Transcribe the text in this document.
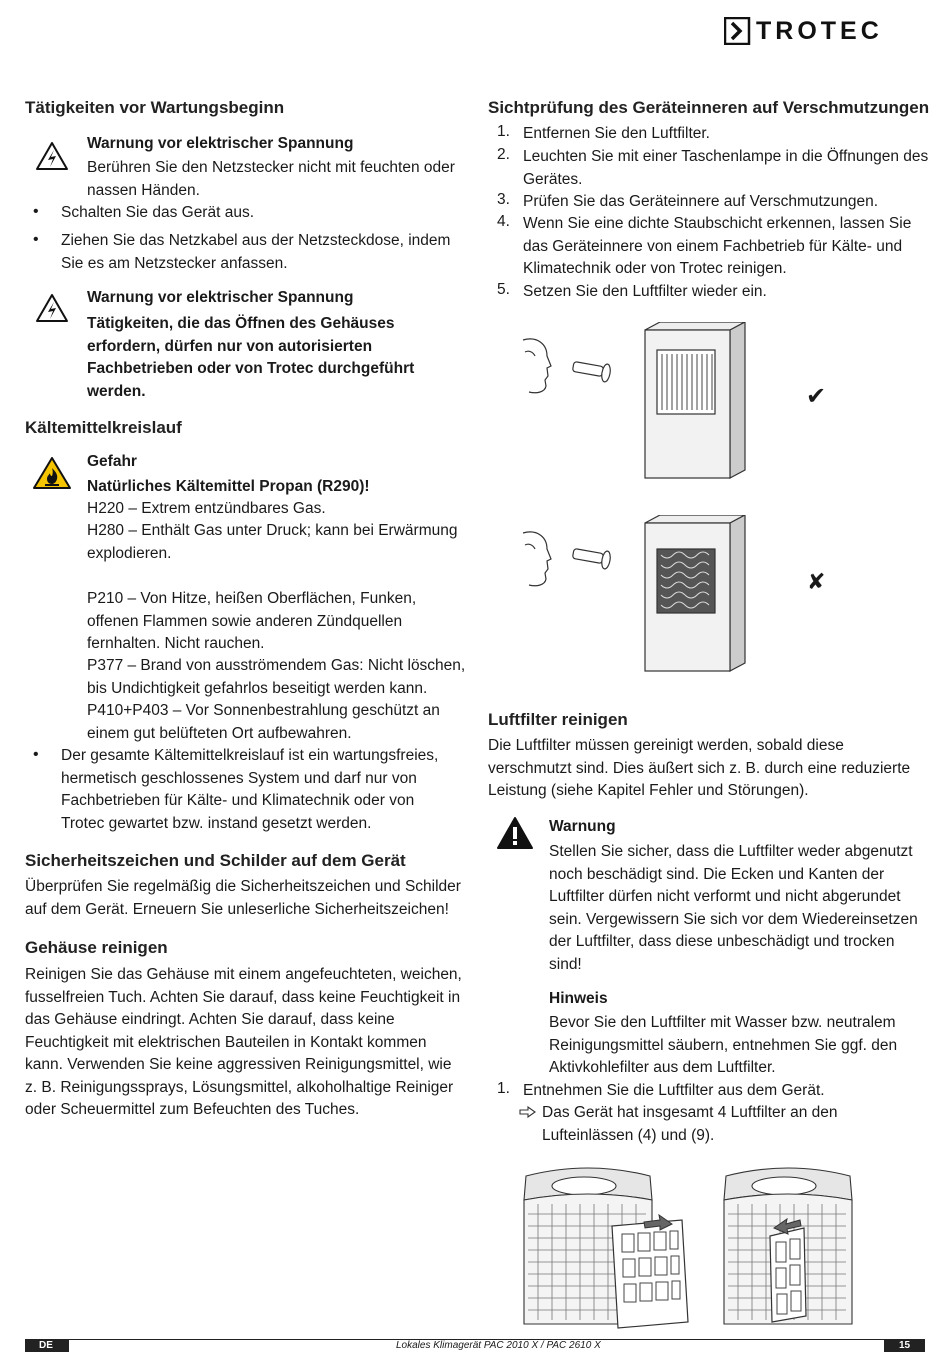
TROTEC
Tätigkeiten vor Wartungsbeginn
Warnung vor elektrischer Spannung
Berühren Sie den Netzstecker nicht mit feuchten oder nassen Händen.
• Schalten Sie das Gerät aus.
• Ziehen Sie das Netzkabel aus der Netzsteckdose, indem Sie es am Netzstecker anfassen.
Warnung vor elektrischer Spannung
Tätigkeiten, die das Öffnen des Gehäuses erfordern, dürfen nur von autorisierten Fachbetrieben oder von Trotec durchgeführt werden.
Kältemittelkreislauf
Gefahr
Natürliches Kältemittel Propan (R290)!
H220 – Extrem entzündbares Gas.
H280 – Enthält Gas unter Druck; kann bei Erwärmung explodieren.
P210 – Von Hitze, heißen Oberflächen, Funken, offenen Flammen sowie anderen Zündquellen fernhalten. Nicht rauchen.
P377 – Brand von ausströmendem Gas: Nicht löschen, bis Undichtigkeit gefahrlos beseitigt werden kann.
P410+P403 – Vor Sonnenbestrahlung geschützt an einem gut belüfteten Ort aufbewahren.
• Der gesamte Kältemittelkreislauf ist ein wartungsfreies, hermetisch geschlossenes System und darf nur von Fachbetrieben für Kälte- und Klimatechnik oder von Trotec gewartet bzw. instand gesetzt werden.
Sicherheitszeichen und Schilder auf dem Gerät
Überprüfen Sie regelmäßig die Sicherheitszeichen und Schilder auf dem Gerät. Erneuern Sie unleserliche Sicherheitszeichen!
Gehäuse reinigen
Reinigen Sie das Gehäuse mit einem angefeuchteten, weichen, fusselfreien Tuch. Achten Sie darauf, dass keine Feuchtigkeit in das Gehäuse eindringt. Achten Sie darauf, dass keine Feuchtigkeit mit elektrischen Bauteilen in Kontakt kommen kann. Verwenden Sie keine aggressiven Reinigungsmittel, wie z. B. Reinigungssprays, Lösungsmittel, alkoholhaltige Reiniger oder Scheuermittel zum Befeuchten des Tuches.
Sichtprüfung des Geräteinneren auf Verschmutzungen
1. Entfernen Sie den Luftfilter.
2. Leuchten Sie mit einer Taschenlampe in die Öffnungen des Gerätes.
3. Prüfen Sie das Geräteinnere auf Verschmutzungen.
4. Wenn Sie eine dichte Staubschicht erkennen, lassen Sie das Geräteinnere von einem Fachbetrieb für Kälte- und Klimatechnik oder von Trotec reinigen.
5. Setzen Sie den Luftfilter wieder ein.
✔
✘
Luftfilter reinigen
Die Luftfilter müssen gereinigt werden, sobald diese verschmutzt sind. Dies äußert sich z. B. durch eine reduzierte Leistung (siehe Kapitel Fehler und Störungen).
Warnung
Stellen Sie sicher, dass die Luftfilter weder abgenutzt noch beschädigt sind. Die Ecken und Kanten der Luftfilter dürfen nicht verformt und nicht abgerundet sein. Vergewissern Sie sich vor dem Wiedereinsetzen der Luftfilter, dass diese unbeschädigt und trocken sind!
Hinweis
Bevor Sie den Luftfilter mit Wasser bzw. neutralem Reinigungsmittel säubern, entnehmen Sie ggf. den Aktivkohlefilter aus dem Luftfilter.
1. Entnehmen Sie die Luftfilter aus dem Gerät.
Das Gerät hat insgesamt 4 Luftfilter an den Lufteinlässen (4) und (9).
DE	Lokales Klimagerät PAC 2010 X / PAC 2610 X	15
